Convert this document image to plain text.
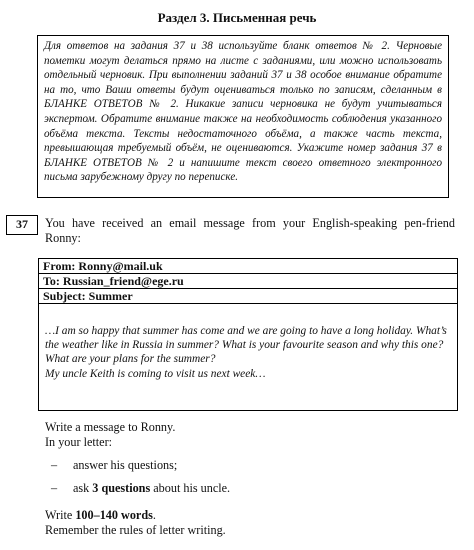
Раздел 3. Письменная речь

Для ответов на задания 37 и 38 используйте бланк ответов № 2. Черновые пометки могут делаться прямо на листе с заданиями, или можно использовать отдельный черновик. При выполнении заданий 37 и 38 особое внимание обратите на то, что Ваши ответы будут оцениваться только по записям, сделанным в БЛАНКЕ ОТВЕТОВ № 2. Никакие записи черновика не будут учитываться экспертом. Обратите внимание также на необходимость соблюдения указанного объёма текста. Тексты недостаточного объёма, а также часть текста, превышающая требуемый объём, не оцениваются. Укажите номер задания 37 в БЛАНКЕ ОТВЕТОВ № 2 и напишите текст своего ответного электронного письма зарубежному другу по переписке.

37	You have received an email message from your English-speaking pen-friend Ronny:
From: Ronny@mail.uk
To: Russian_friend@ege.ru
Subject: Summer

…I am so happy that summer has come and we are going to have a long holiday. What’s the weather like in Russia in summer? What is your favourite season and why this one? What are your plans for the summer?

My uncle Keith is coming to visit us next week…

Write a message to Ronny.

In your letter:

– answer his questions;

– ask 3 questions about his uncle.

Write 100–140 words.

Remember the rules of letter writing.
